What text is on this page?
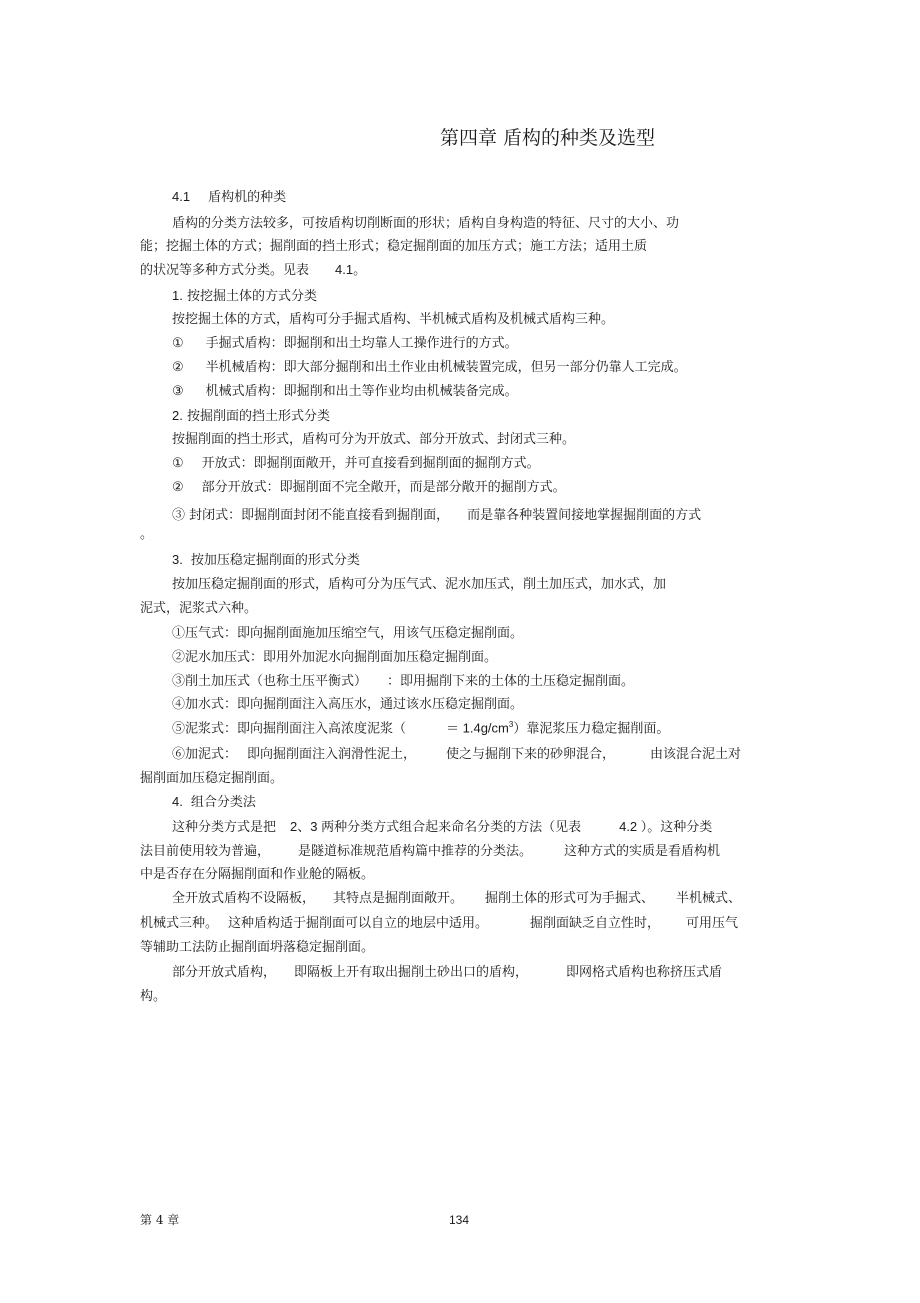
第四章 盾构的种类及选型
4.1 盾构机的种类
盾构的分类方法较多，可按盾构切削断面的形状；盾构自身构造的特征、尺寸的大小、功
能；挖掘土体的方式；掘削面的挡土形式；稳定掘削面的加压方式；施工方法；适用土质
的状况等多种方式分类。见表 4.1。
1. 按挖掘土体的方式分类
按挖掘土体的方式，盾构可分手掘式盾构、半机械式盾构及机械式盾构三种。
① 手掘式盾构：即掘削和出土均靠人工操作进行的方式。
② 半机械盾构：即大部分掘削和出土作业由机械装置完成，但另一部分仍靠人工完成。
③ 机械式盾构：即掘削和出土等作业均由机械装备完成。
2. 按掘削面的挡土形式分类
按掘削面的挡土形式，盾构可分为开放式、部分开放式、封闭式三种。
① 开放式：即掘削面敞开，并可直接看到掘削面的掘削方式。
② 部分开放式：即掘削面不完全敞开，而是部分敞开的掘削方式。
③ 封闭式：即掘削面封闭不能直接看到掘削面， 而是靠各种装置间接地掌握掘削面的方式
。
3. 按加压稳定掘削面的形式分类
按加压稳定掘削面的形式，盾构可分为压气式、泥水加压式，削土加压式，加水式，加
泥式，泥浆式六种。
①压气式：即向掘削面施加压缩空气，用该气压稳定掘削面。
②泥水加压式：即用外加泥水向掘削面加压稳定掘削面。
③削土加压式（也称土压平衡式） ：即用掘削下来的土体的土压稳定掘削面。
④加水式：即向掘削面注入高压水，通过该水压稳定掘削面。
⑤泥浆式：即向掘削面注入高浓度泥浆（	＝ $1.4g/cm^3$）靠泥浆压力稳定掘削面。
⑥加泥式： 即向掘削面注入润滑性泥土， 使之与掘削下来的砂卵混合，	由该混合泥土对
掘削面加压稳定掘削面。
4. 组合分类法
这种分类方式是把 2、3 两种分类方式组合起来命名分类的方法（见表	4.2 ）。这种分类
法目前使用较为普遍， 是隧道标准规范盾构篇中推荐的分类法。 这种方式的实质是看盾构机
中是否存在分隔掘削面和作业舱的隔板。
全开放式盾构不设隔板， 其特点是掘削面敞开。 掘削土体的形式可为手掘式、 半机械式、
机械式三种。 这种盾构适于掘削面可以自立的地层中适用。	掘削面缺乏自立性时， 可用压气
等辅助工法防止掘削面坍落稳定掘削面。
部分开放式盾构， 即隔板上开有取出掘削土砂出口的盾构，	即网格式盾构也称挤压式盾
构。
第 4 章	134
